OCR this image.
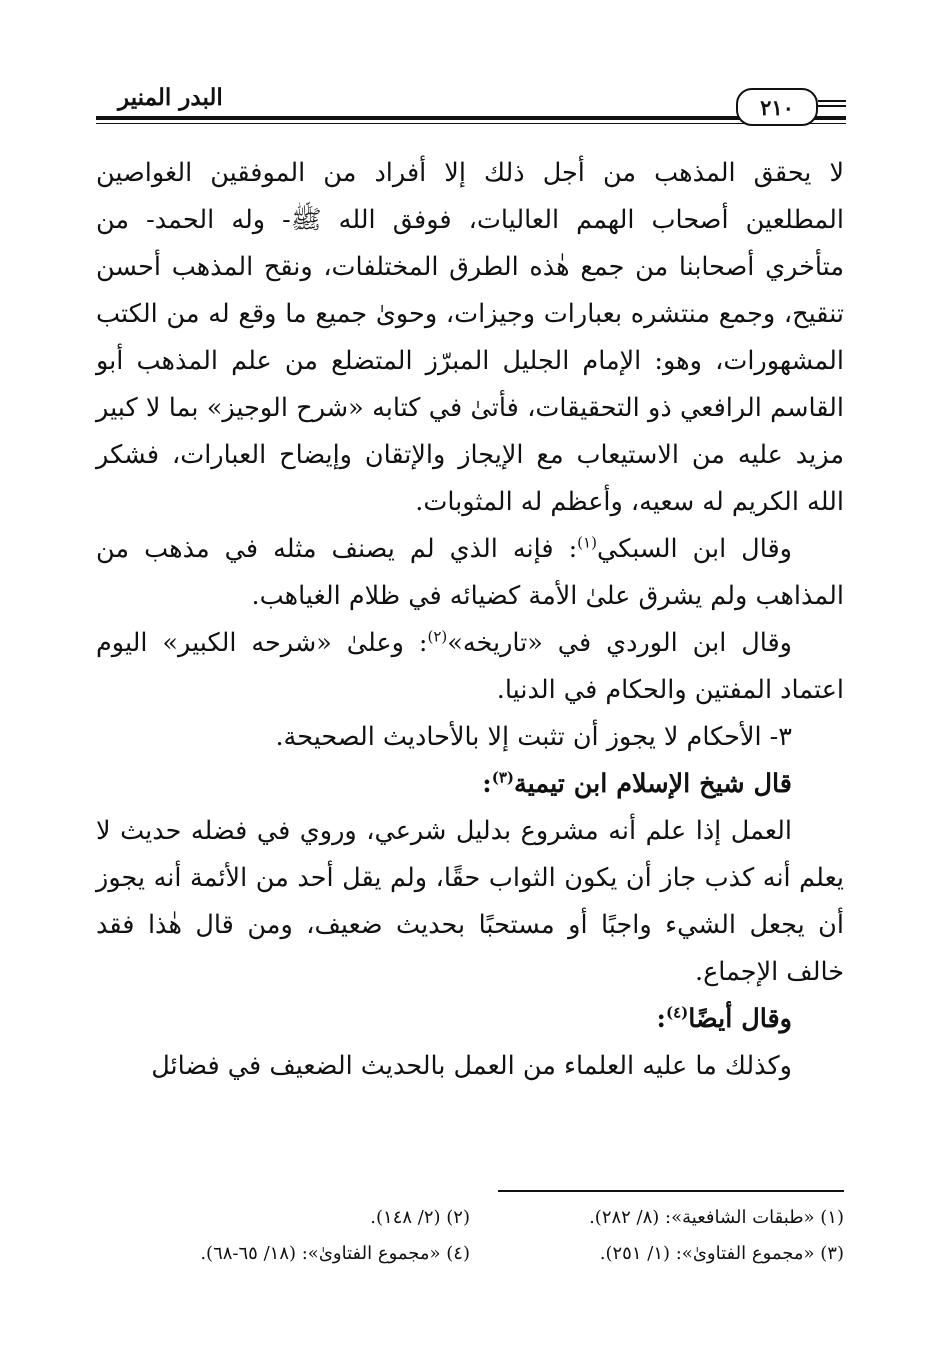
٢١٠
البدر المنير

لا يحقق المذهب من أجل ذلك إلا أفراد من الموفقين الغواصين المطلعين أصحاب الهمم العاليات، فوفق الله ﷺ- وله الحمد- من متأخري أصحابنا من جمع هٰذه الطرق المختلفات، ونقح المذهب أحسن تنقيح، وجمع منتشره بعبارات وجيزات، وحوىٰ جميع ما وقع له من الكتب المشهورات، وهو: الإمام الجليل المبرّز المتضلع من علم المذهب أبو القاسم الرافعي ذو التحقيقات، فأتىٰ في كتابه «شرح الوجيز» بما لا كبير مزيد عليه من الاستيعاب مع الإيجاز والإتقان وإيضاح العبارات، فشكر الله الكريم له سعيه، وأعظم له المثوبات.

وقال ابن السبكي$^{(١)}$: فإنه الذي لم يصنف مثله في مذهب من المذاهب ولم يشرق علىٰ الأمة كضيائه في ظلام الغياهب.

وقال ابن الوردي في «تاريخه»$^{(٢)}$: وعلىٰ «شرحه الكبير» اليوم اعتماد المفتين والحكام في الدنيا.

٣- الأحكام لا يجوز أن تثبت إلا بالأحاديث الصحيحة.

قال شيخ الإسلام ابن تيمية$^{(٣)}$:

العمل إذا علم أنه مشروع بدليل شرعي، وروي في فضله حديث لا يعلم أنه كذب جاز أن يكون الثواب حقًا، ولم يقل أحد من الأئمة أنه يجوز أن يجعل الشيء واجبًا أو مستحبًا بحديث ضعيف، ومن قال هٰذا فقد خالف الإجماع.

وقال أيضًا$^{(٤)}$:

وكذلك ما عليه العلماء من العمل بالحديث الضعيف في فضائل

(١) «طبقات الشافعية»: (٨/ ٢٨٢).
(٢) (٢/ ١٤٨).
(٣) «مجموع الفتاوىٰ»: (١/ ٢٥١).
(٤) «مجموع الفتاوىٰ»: (١٨/ ٦٥-٦٨).
